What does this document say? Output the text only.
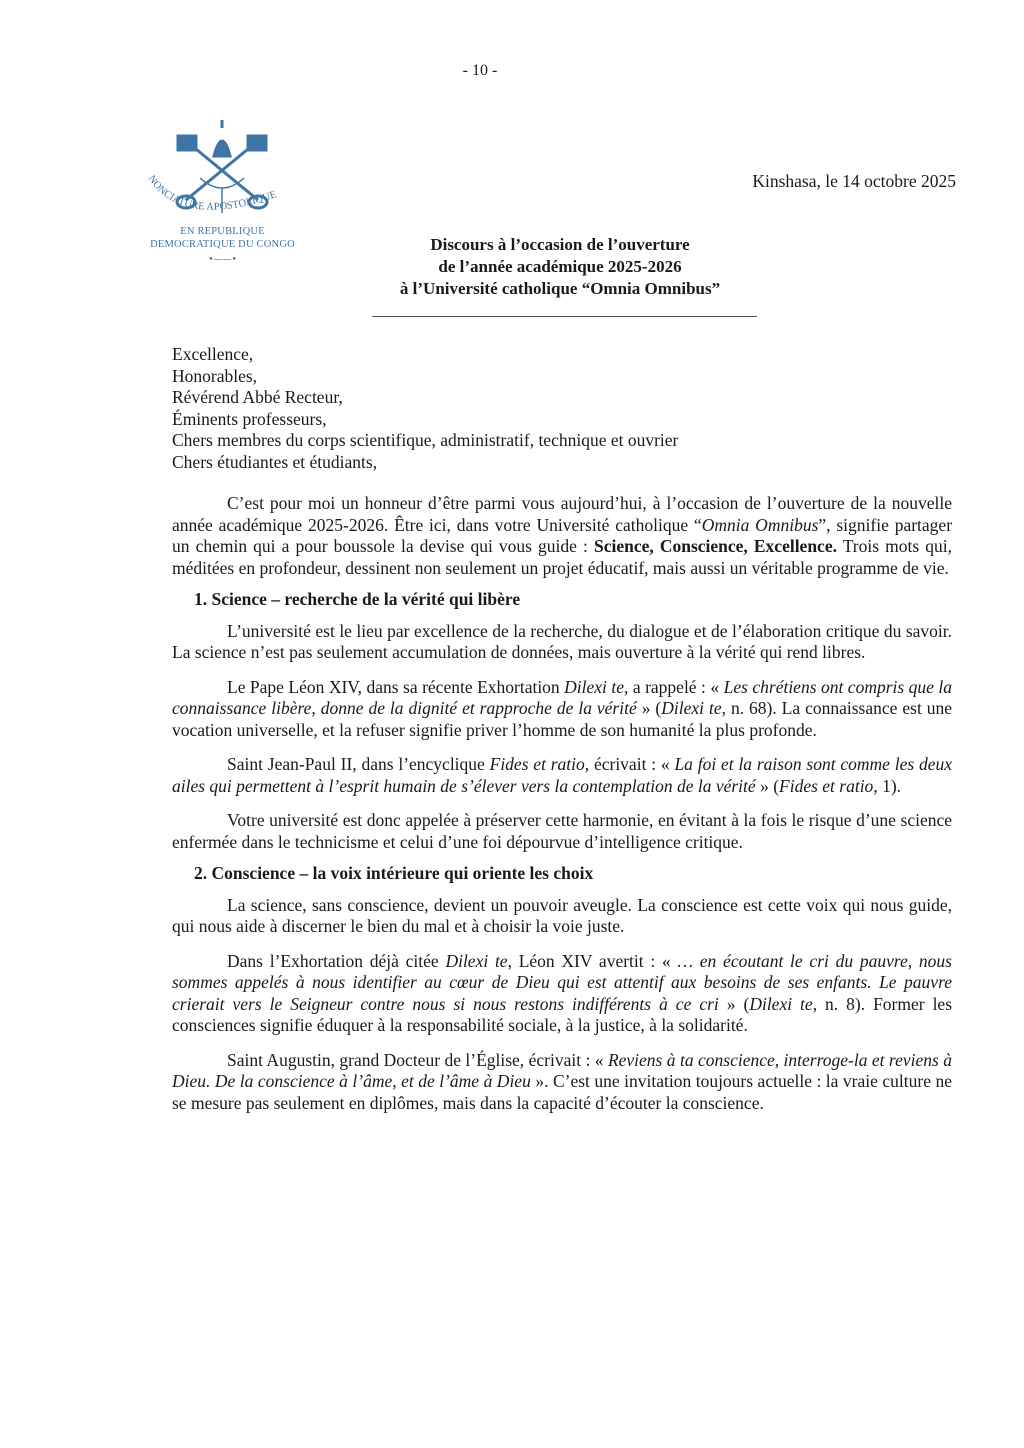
- 10 -
NONCIATURE APOSTOLIQUE
EN REPUBLIQUE
DEMOCRATIQUE DU CONGO
•——•
Kinshasa, le 14 octobre 2025
Discours à l’occasion de l’ouverture
de l’année académique 2025-2026
à l’Université catholique “Omnia Omnibus”
Excellence,
Honorables,
Révérend Abbé Recteur,
Éminents professeurs,
Chers membres du corps scientifique, administratif, technique et ouvrier
Chers étudiantes et étudiants,

C’est pour moi un honneur d’être parmi vous aujourd’hui, à l’occasion de l’ouverture de la nouvelle année académique 2025-2026. Être ici, dans votre Université catholique “Omnia Omnibus”, signifie partager un chemin qui a pour boussole la devise qui vous guide : Science, Conscience, Excellence. Trois mots qui, méditées en profondeur, dessinent non seulement un projet éducatif, mais aussi un véritable programme de vie.

1. Science – recherche de la vérité qui libère

L’université est le lieu par excellence de la recherche, du dialogue et de l’élaboration critique du savoir. La science n’est pas seulement accumulation de données, mais ouverture à la vérité qui rend libres.

Le Pape Léon XIV, dans sa récente Exhortation Dilexi te, a rappelé : « Les chrétiens ont compris que la connaissance libère, donne de la dignité et rapproche de la vérité » (Dilexi te, n. 68). La connaissance est une vocation universelle, et la refuser signifie priver l’homme de son humanité la plus profonde.

Saint Jean-Paul II, dans l’encyclique Fides et ratio, écrivait : « La foi et la raison sont comme les deux ailes qui permettent à l’esprit humain de s’élever vers la contemplation de la vérité » (Fides et ratio, 1).

Votre université est donc appelée à préserver cette harmonie, en évitant à la fois le risque d’une science enfermée dans le technicisme et celui d’une foi dépourvue d’intelligence critique.

2. Conscience – la voix intérieure qui oriente les choix

La science, sans conscience, devient un pouvoir aveugle. La conscience est cette voix qui nous guide, qui nous aide à discerner le bien du mal et à choisir la voie juste.

Dans l’Exhortation déjà citée Dilexi te, Léon XIV avertit : « … en écoutant le cri du pauvre, nous sommes appelés à nous identifier au cœur de Dieu qui est attentif aux besoins de ses enfants. Le pauvre crierait vers le Seigneur contre nous si nous restons indifférents à ce cri » (Dilexi te, n. 8). Former les consciences signifie éduquer à la responsabilité sociale, à la justice, à la solidarité.

Saint Augustin, grand Docteur de l’Église, écrivait : « Reviens à ta conscience, interroge-la et reviens à Dieu. De la conscience à l’âme, et de l’âme à Dieu ». C’est une invitation toujours actuelle : la vraie culture ne se mesure pas seulement en diplômes, mais dans la capacité d’écouter la conscience.
